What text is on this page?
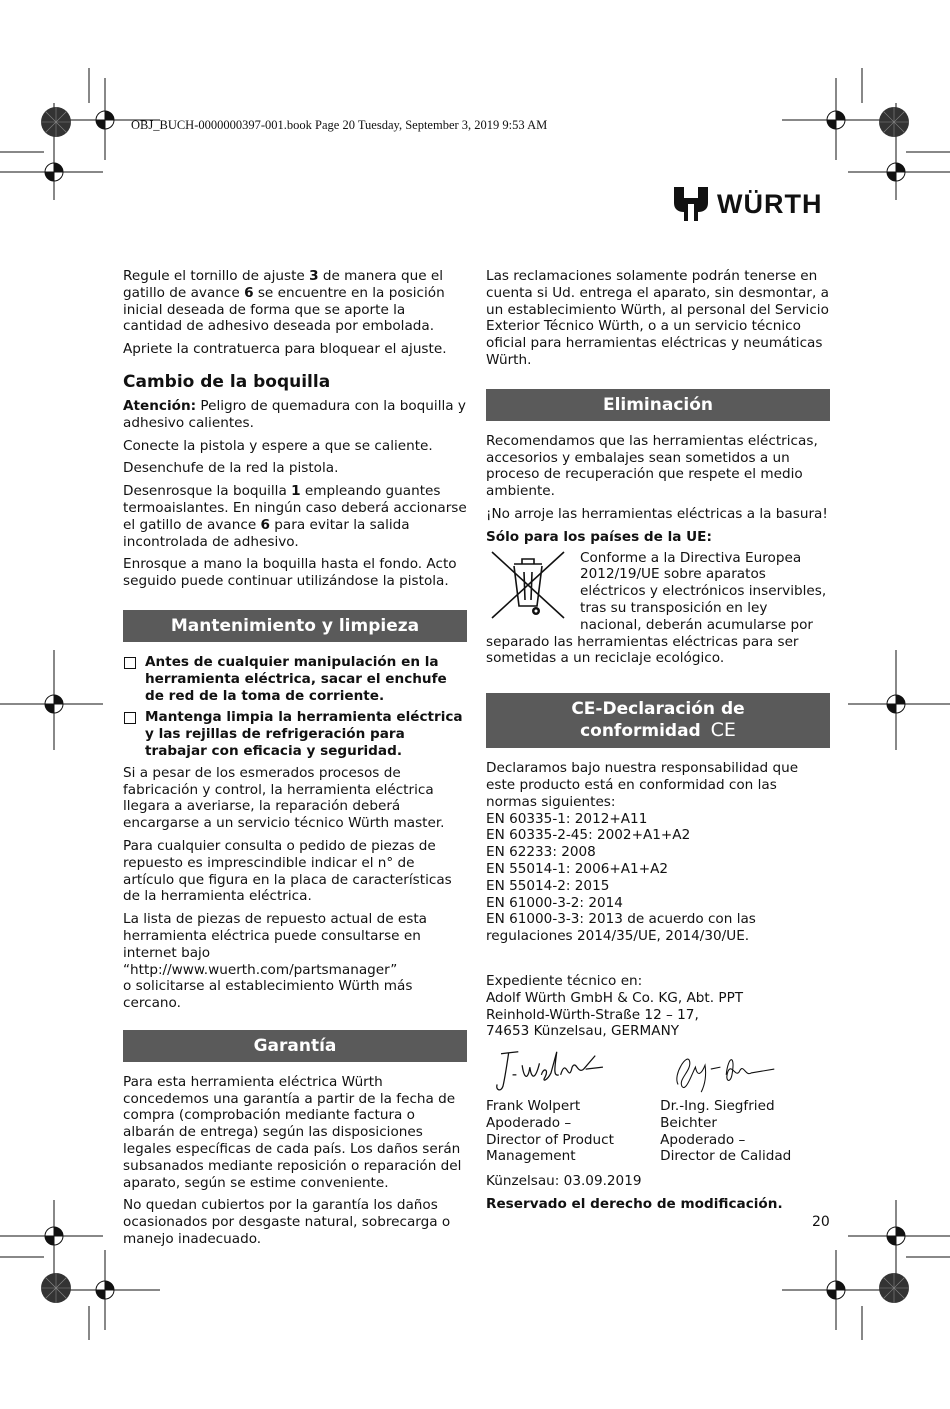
OBJ_BUCH-0000000397-001.book Page 20 Tuesday, September 3, 2019 9:53 AM
WÜRTH

Regule el tornillo de ajuste 3 de manera que el gatillo de avance 6 se encuentre en la posición inicial deseada de forma que se aporte la cantidad de adhesivo deseada por embolada.

Apriete la contratuerca para bloquear el ajuste.

Cambio de la boquilla

Atención: Peligro de quemadura con la boquilla y adhesivo calientes.

Conecte la pistola y espere a que se caliente.

Desenchufe de la red la pistola.

Desenrosque la boquilla 1 empleando guantes termoaislantes. En ningún caso deberá accionarse el gatillo de avance 6 para evitar la salida incontrolada de adhesivo.

Enrosque a mano la boquilla hasta el fondo. Acto seguido puede continuar utilizándose la pistola.

Mantenimiento y limpieza
Antes de cualquier manipulación en la herramienta eléctrica, sacar el enchufe de red de la toma de corriente.
Mantenga limpia la herramienta eléctrica y las rejillas de refrigeración para trabajar con eficacia y seguridad.

Si a pesar de los esmerados procesos de fabricación y control, la herramienta eléctrica llegara a averiarse, la reparación deberá encargarse a un servicio técnico Würth master.

Para cualquier consulta o pedido de piezas de repuesto es imprescindible indicar el n° de artículo que figura en la placa de características de la herramienta eléctrica.

La lista de piezas de repuesto actual de esta herramienta eléctrica puede consultarse en internet bajo
“http://www.wuerth.com/partsmanager”
o solicitarse al establecimiento Würth más cercano.

Garantía

Para esta herramienta eléctrica Würth concedemos una garantía a partir de la fecha de compra (comprobación mediante factura o albarán de entrega) según las disposiciones legales específicas de cada país. Los daños serán subsanados mediante reposición o reparación del aparato, según se estime conveniente.

No quedan cubiertos por la garantía los daños ocasionados por desgaste natural, sobrecarga o manejo inadecuado.

Las reclamaciones solamente podrán tenerse en cuenta si Ud. entrega el aparato, sin desmontar, a un establecimiento Würth, al personal del Servicio Exterior Técnico Würth, o a un servicio técnico oficial para herramientas eléctricas y neumáticas Würth.

Eliminación

Recomendamos que las herramientas eléctricas, accesorios y embalajes sean sometidos a un proceso de recuperación que respete el medio ambiente.

¡No arroje las herramientas eléctricas a la basura!

Sólo para los países de la UE:

Conforme a la Directiva Europea 2012/19/UE sobre aparatos eléctricos y electrónicos inservibles, tras su transposición en ley nacional, deberán acumularse por separado las herramientas eléctricas para ser sometidas a un reciclaje ecológico.
CE-Declaración de
conformidad CE

Declaramos bajo nuestra responsabilidad que este producto está en conformidad con las normas siguientes:

EN 60335-1: 2012+A11

EN 60335-2-45: 2002+A1+A2

EN 62233: 2008

EN 55014-1: 2006+A1+A2

EN 55014-2: 2015

EN 61000-3-2: 2014

EN 61000-3-3: 2013 de acuerdo con las regulaciones 2014/35/UE, 2014/30/UE.

Expediente técnico en:

Adolf Würth GmbH & Co. KG, Abt. PPT

Reinhold-Würth-Straße 12 – 17,

74653 Künzelsau, GERMANY

Frank Wolpert

Apoderado –

Director of Product

Management

Dr.-Ing. Siegfried Beichter

Apoderado –

Director de Calidad

Künzelsau: 03.09.2019

Reservado el derecho de modificación.

20
